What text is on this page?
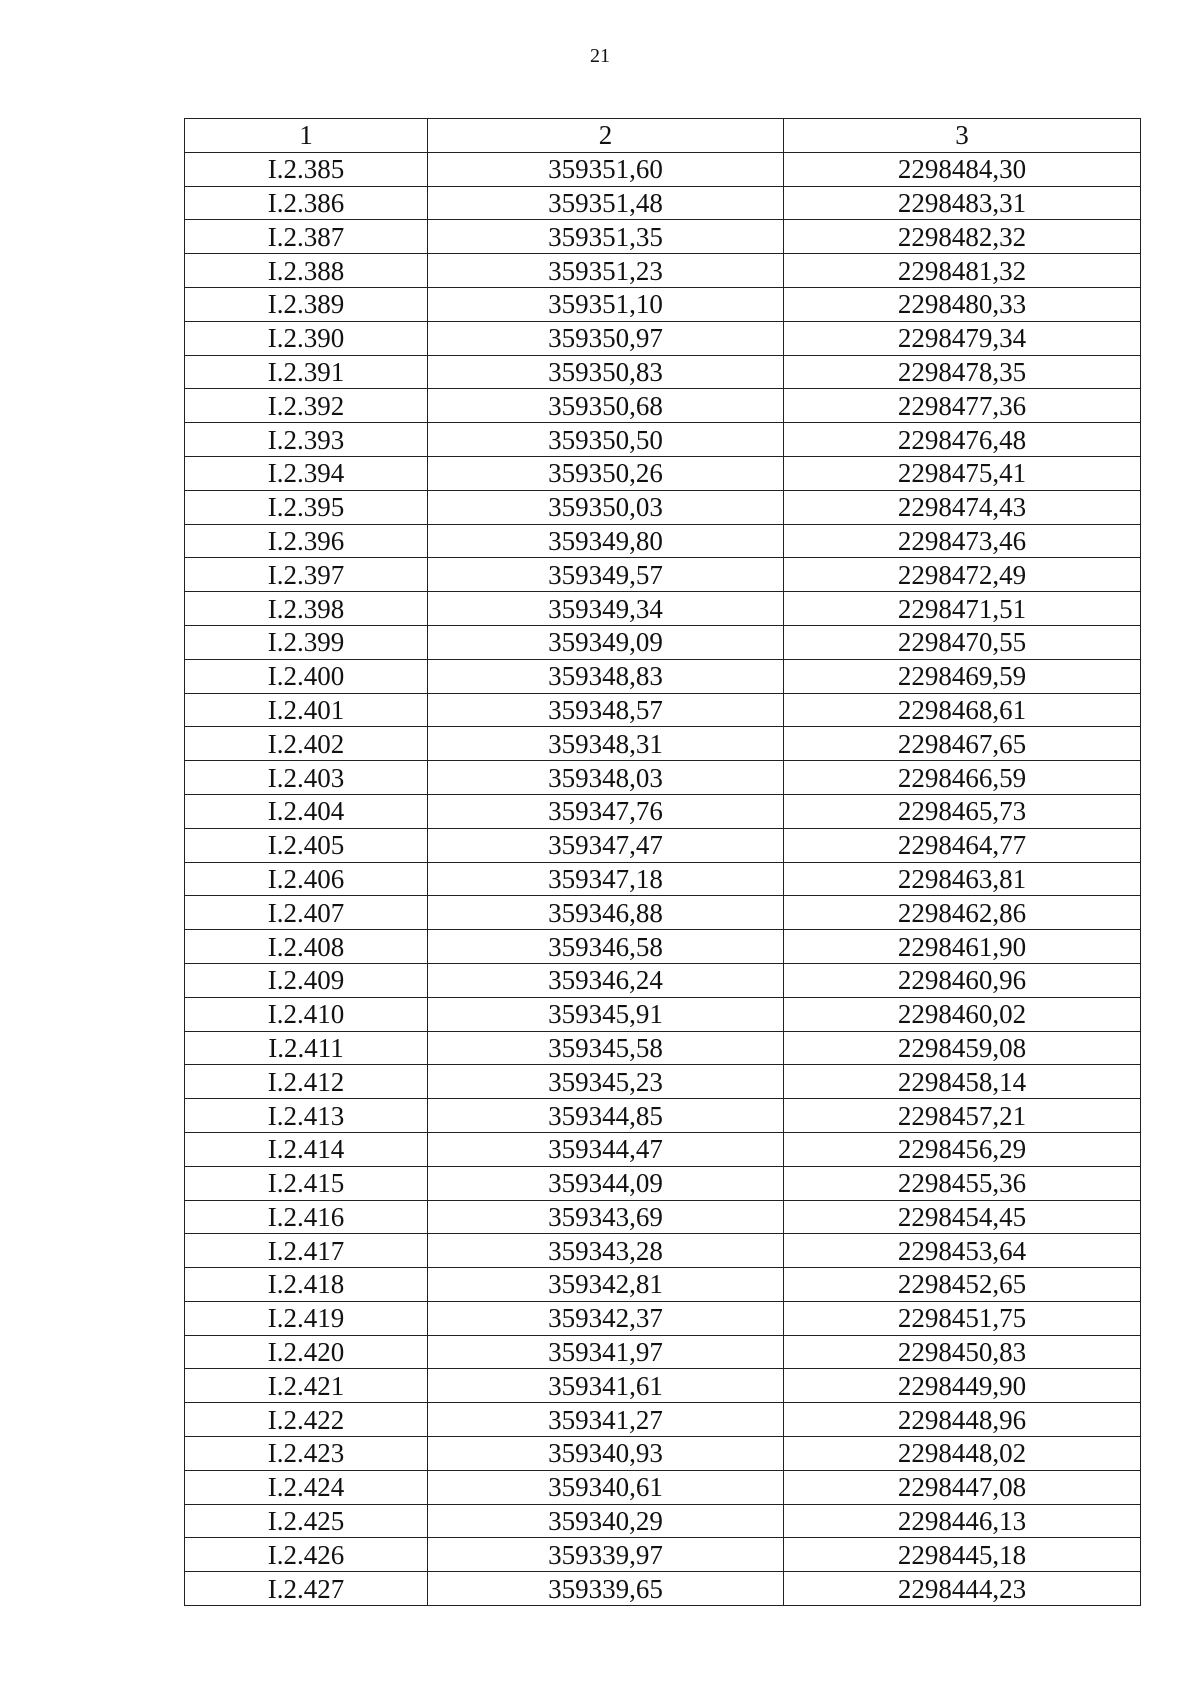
21
1	2	3
I.2.385	359351,60	2298484,30
I.2.386	359351,48	2298483,31
I.2.387	359351,35	2298482,32
I.2.388	359351,23	2298481,32
I.2.389	359351,10	2298480,33
I.2.390	359350,97	2298479,34
I.2.391	359350,83	2298478,35
I.2.392	359350,68	2298477,36
I.2.393	359350,50	2298476,48
I.2.394	359350,26	2298475,41
I.2.395	359350,03	2298474,43
I.2.396	359349,80	2298473,46
I.2.397	359349,57	2298472,49
I.2.398	359349,34	2298471,51
I.2.399	359349,09	2298470,55
I.2.400	359348,83	2298469,59
I.2.401	359348,57	2298468,61
I.2.402	359348,31	2298467,65
I.2.403	359348,03	2298466,59
I.2.404	359347,76	2298465,73
I.2.405	359347,47	2298464,77
I.2.406	359347,18	2298463,81
I.2.407	359346,88	2298462,86
I.2.408	359346,58	2298461,90
I.2.409	359346,24	2298460,96
I.2.410	359345,91	2298460,02
I.2.411	359345,58	2298459,08
I.2.412	359345,23	2298458,14
I.2.413	359344,85	2298457,21
I.2.414	359344,47	2298456,29
I.2.415	359344,09	2298455,36
I.2.416	359343,69	2298454,45
I.2.417	359343,28	2298453,64
I.2.418	359342,81	2298452,65
I.2.419	359342,37	2298451,75
I.2.420	359341,97	2298450,83
I.2.421	359341,61	2298449,90
I.2.422	359341,27	2298448,96
I.2.423	359340,93	2298448,02
I.2.424	359340,61	2298447,08
I.2.425	359340,29	2298446,13
I.2.426	359339,97	2298445,18
I.2.427	359339,65	2298444,23
